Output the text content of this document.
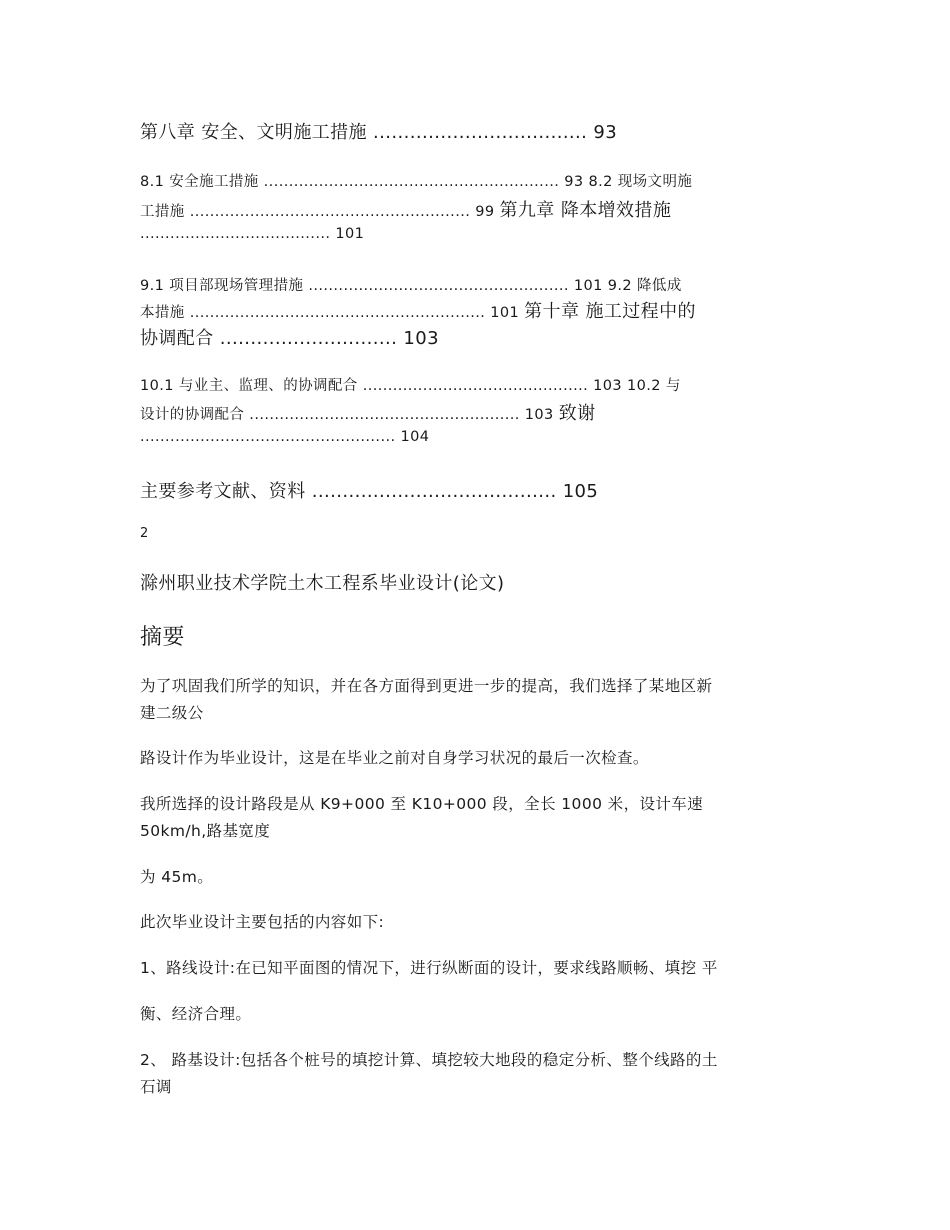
第八章 安全、文明施工措施 ................................... 93
8.1 安全施工措施 ........................................................... 93 8.2 现场文明施
工措施 ........................................................ 99 第九章 降本增效措施
...................................... 101
9.1 项目部现场管理措施 .................................................... 101 9.2 降低成
本措施 ........................................................... 101 第十章 施工过程中的
协调配合 ............................. 103
10.1 与业主、监理、的协调配合 ............................................. 103 10.2 与
设计的协调配合 ...................................................... 103 致谢
................................................... 104
主要参考文献、资料 ........................................ 105
2
滁州职业技术学院土木工程系毕业设计(论文)
摘要
为了巩固我们所学的知识，并在各方面得到更进一步的提高，我们选择了某地区新
建二级公
路设计作为毕业设计，这是在毕业之前对自身学习状况的最后一次检查。
我所选择的设计路段是从 K9+000 至 K10+000 段，全长 1000 米，设计车速
50km/h,路基宽度
为 45m。
此次毕业设计主要包括的内容如下:
1、路线设计:在已知平面图的情况下，进行纵断面的设计，要求线路顺畅、填挖 平
衡、经济合理。
2、 路基设计:包括各个桩号的填挖计算、填挖较大地段的稳定分析、整个线路的土
石调
